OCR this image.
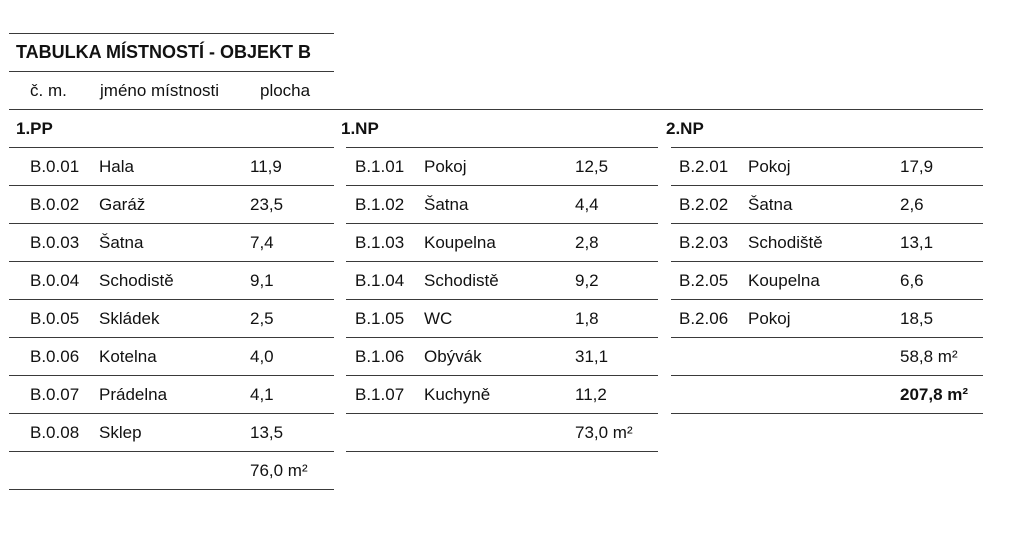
TABULKA MÍSTNOSTÍ - OBJEKT B
č. m. jméno místnosti plocha
1.PP	1.NP	2.NP
B.0.01 Hala	11,9
B.0.02 Garáž	23,5
B.0.03 Šatna	7,4
B.0.04 Schodistě	9,1
B.0.05 Skládek	2,5
B.0.06 Kotelna	4,0
B.0.07 Prádelna	4,1
B.0.08 Sklep	13,5
76,0 m²
B.1.01 Pokoj	12,5
B.1.02 Šatna	4,4
B.1.03 Koupelna	2,8
B.1.04 Schodistě	9,2
B.1.05 WC	1,8
B.1.06 Obývák	31,1
B.1.07 Kuchyně	11,2
73,0 m²
B.2.01 Pokoj	17,9
B.2.02 Šatna	2,6
B.2.03 Schodiště	13,1
B.2.05 Koupelna	6,6
B.2.06 Pokoj	18,5
58,8 m²
207,8 m²
